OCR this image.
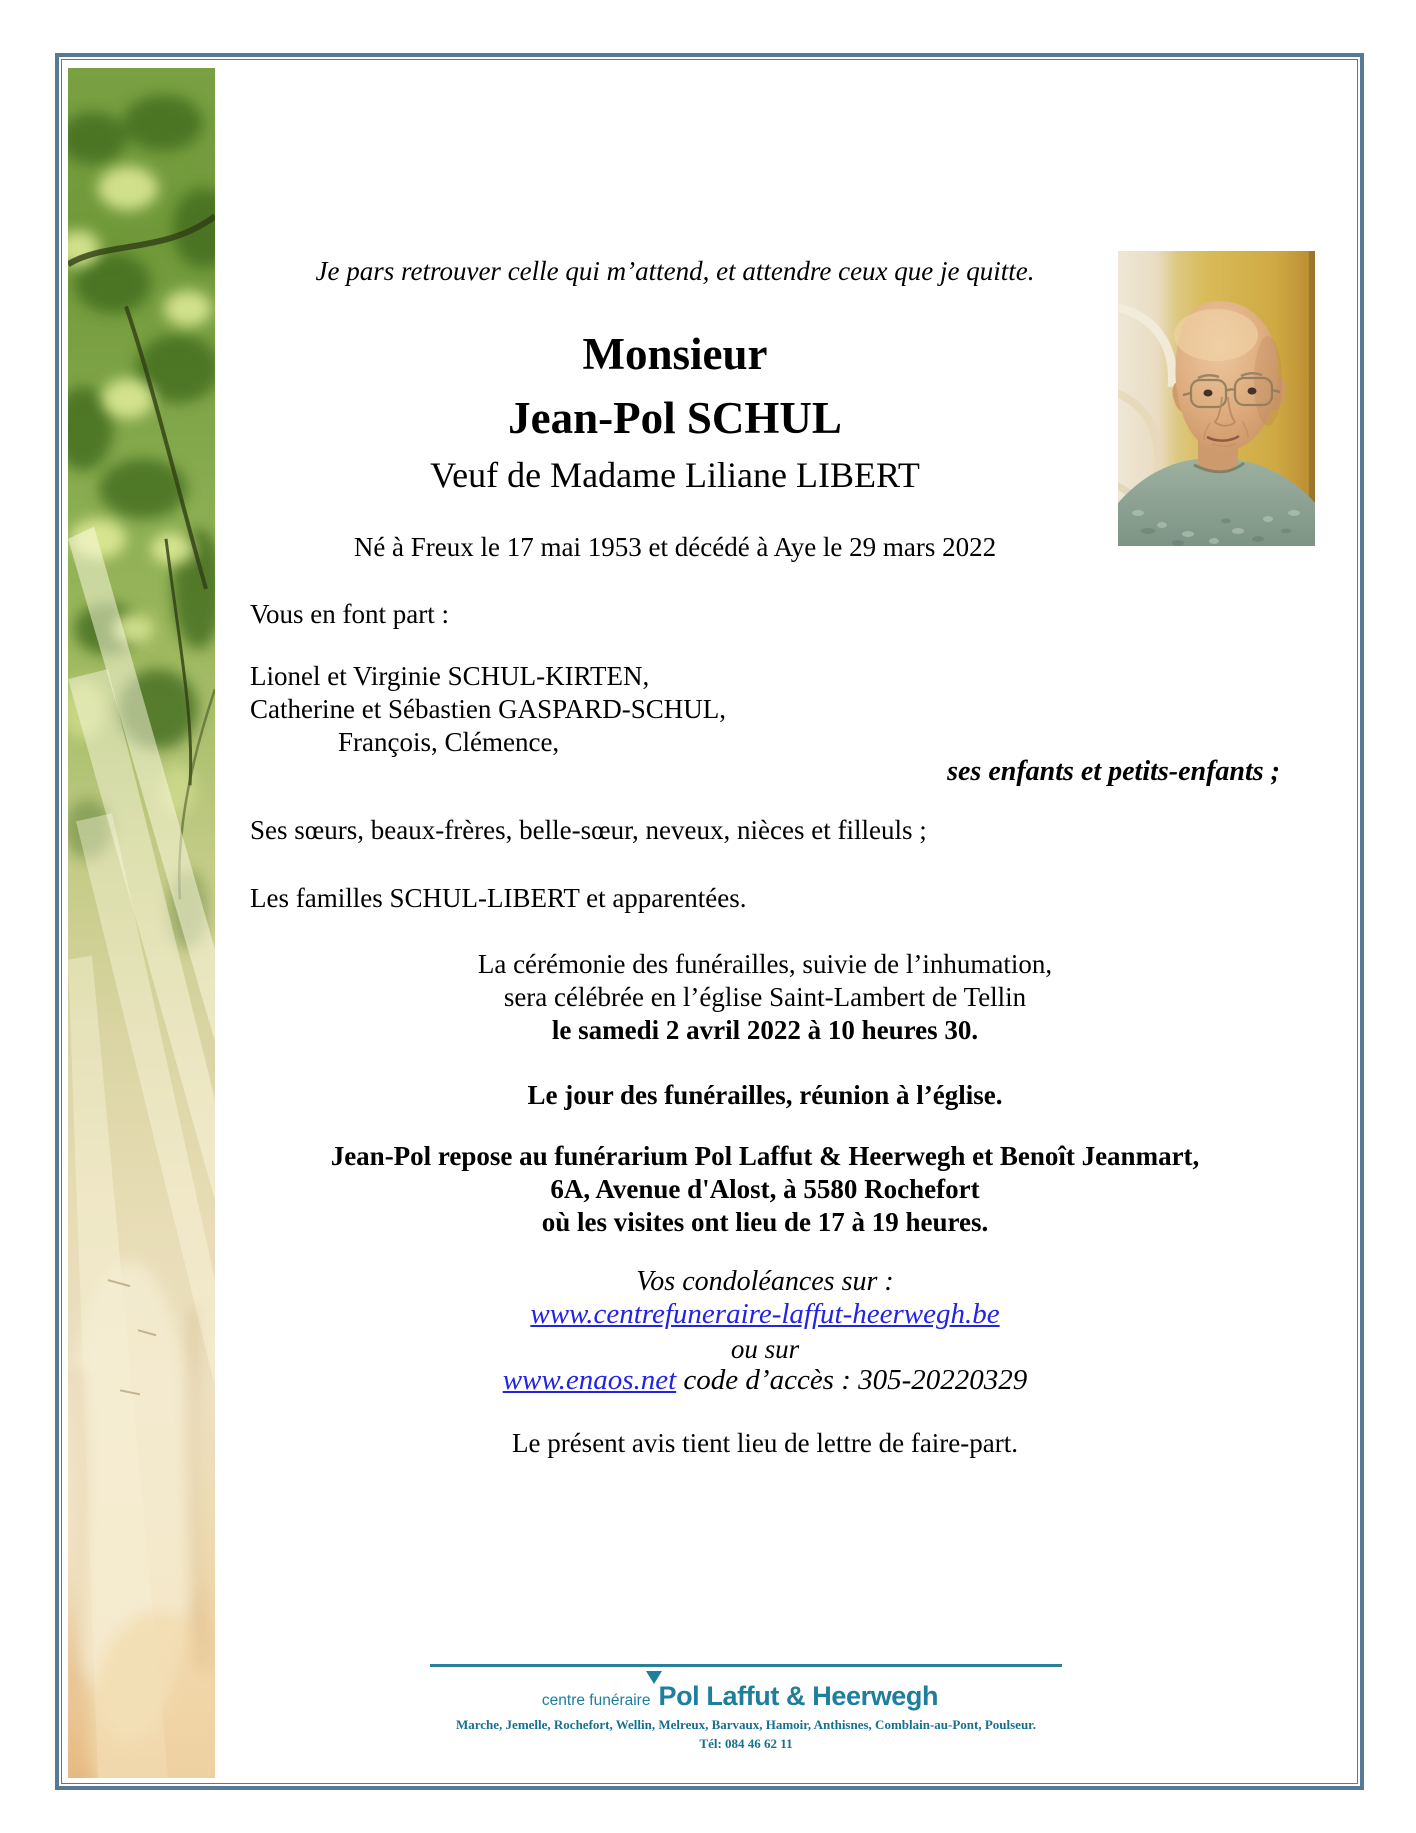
Je pars retrouver celle qui m’attend, et attendre ceux que je quitte.
Monsieur
Jean-Pol SCHUL
Veuf de Madame Liliane LIBERT
Né à Freux le 17 mai 1953 et décédé à Aye le 29 mars 2022
Vous en font part :
Lionel et Virginie SCHUL-KIRTEN,
Catherine et Sébastien GASPARD-SCHUL,
François, Clémence,
ses enfants et petits-enfants ;
Ses sœurs, beaux-frères, belle-sœur, neveux, nièces et filleuls ;
Les familles SCHUL-LIBERT et apparentées.
La cérémonie des funérailles, suivie de l’inhumation,
sera célébrée en l’église Saint-Lambert de Tellin
le samedi 2 avril 2022 à 10 heures 30.
Le jour des funérailles, réunion à l’église.
Jean-Pol repose au funérarium Pol Laffut & Heerwegh et Benoît Jeanmart,
6A, Avenue d'Alost, à 5580 Rochefort
où les visites ont lieu de 17 à 19 heures.
Vos condoléances sur :
www.centrefuneraire-laffut-heerwegh.be
ou sur
www.enaos.net code d’accès : 305-20220329
Le présent avis tient lieu de lettre de faire-part.
centre funéraire Pol Laffut & Heerwegh
Marche, Jemelle, Rochefort, Wellin, Melreux, Barvaux, Hamoir, Anthisnes, Comblain-au-Pont, Poulseur.
Tél: 084 46 62 11
